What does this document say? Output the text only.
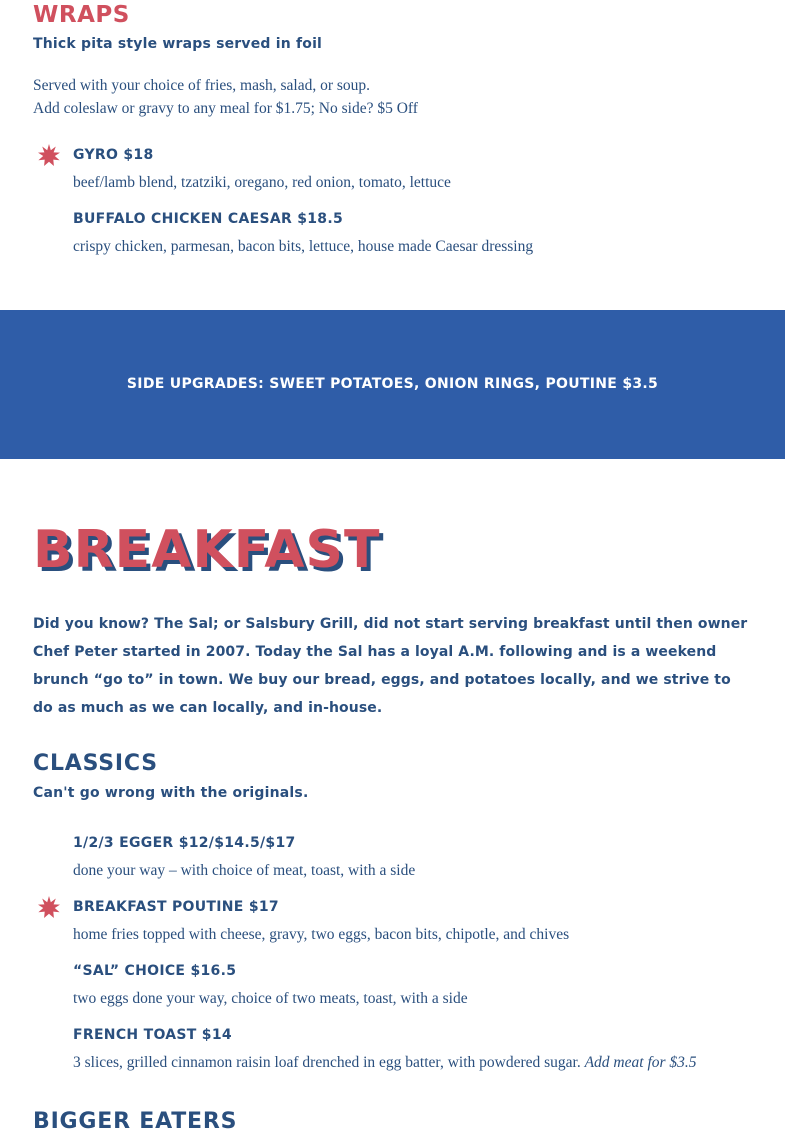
WRAPS

Thick pita style wraps served in foil

Served with your choice of fries, mash, salad, or soup.

Add coleslaw or gravy to any meal for $1.75; No side? $5 Off

GYRO $18

beef/lamb blend, tzatziki, oregano, red onion, tomato, lettuce

BUFFALO CHICKEN CAESAR $18.5

crispy chicken, parmesan, bacon bits, lettuce, house made Caesar dressing

SIDE UPGRADES: SWEET POTATOES, ONION RINGS, POUTINE $3.5

BREAKFAST

Did you know? The Sal; or Salsbury Grill, did not start serving breakfast until then owner Chef Peter started in 2007. Today the Sal has a loyal A.M. following and is a weekend brunch “go to” in town. We buy our bread, eggs, and potatoes locally, and we strive to do as much as we can locally, and in-house.

CLASSICS

Can't go wrong with the originals.

1/2/3 EGGER $12/$14.5/$17

done your way – with choice of meat, toast, with a side

BREAKFAST POUTINE $17

home fries topped with cheese, gravy, two eggs, bacon bits, chipotle, and chives

“SAL” CHOICE $16.5

two eggs done your way, choice of two meats, toast, with a side

FRENCH TOAST $14

3 slices, grilled cinnamon raisin loaf drenched in egg batter, with powdered sugar. Add meat for $3.5

BIGGER EATERS
